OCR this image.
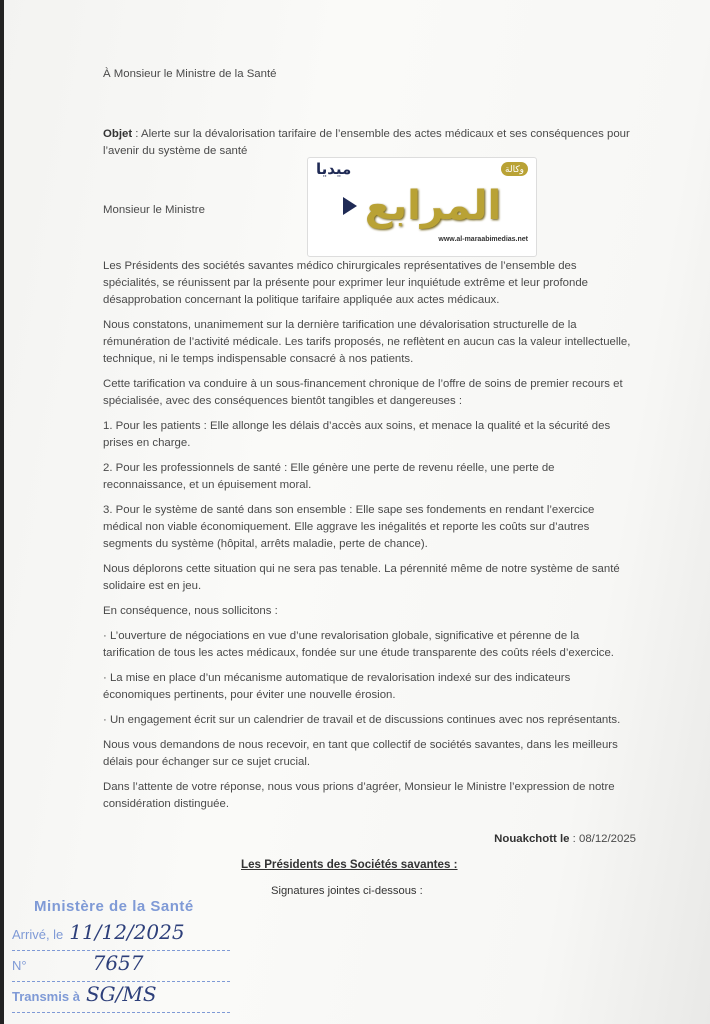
À Monsieur le Ministre de la Santé
Objet : Alerte sur la dévalorisation tarifaire de l’ensemble des actes médicaux et ses conséquences pour l’avenir du système de santé
Monsieur le Ministre
ميديا	وكالة
المرابع
www.al-maraabimedias.net

Les Présidents des sociétés savantes médico chirurgicales représentatives de l’ensemble des spécialités, se réunissent par la présente pour exprimer leur inquiétude extrême et leur profonde désapprobation concernant la politique tarifaire appliquée aux actes médicaux.

Nous constatons, unanimement sur la dernière tarification une dévalorisation structurelle de la rémunération de l’activité médicale. Les tarifs proposés, ne reflètent en aucun cas la valeur intellectuelle, technique, ni le temps indispensable consacré à nos patients.

Cette tarification va conduire à un sous-financement chronique de l’offre de soins de premier recours et spécialisée, avec des conséquences bientôt tangibles et dangereuses :

1. Pour les patients : Elle allonge les délais d’accès aux soins, et menace la qualité et la sécurité des prises en charge.

2. Pour les professionnels de santé : Elle génère une perte de revenu réelle, une perte de reconnaissance, et un épuisement moral.

3. Pour le système de santé dans son ensemble : Elle sape ses fondements en rendant l’exercice médical non viable économiquement. Elle aggrave les inégalités et reporte les coûts sur d’autres segments du système (hôpital, arrêts maladie, perte de chance).

Nous déplorons cette situation qui ne sera pas tenable. La pérennité même de notre système de santé solidaire est en jeu.

En conséquence, nous sollicitons :

· L’ouverture de négociations en vue d’une revalorisation globale, significative et pérenne de la tarification de tous les actes médicaux, fondée sur une étude transparente des coûts réels d’exercice.

· La mise en place d’un mécanisme automatique de revalorisation indexé sur des indicateurs économiques pertinents, pour éviter une nouvelle érosion.

· Un engagement écrit sur un calendrier de travail et de discussions continues avec nos représentants.

Nous vous demandons de nous recevoir, en tant que collectif de sociétés savantes, dans les meilleurs délais pour échanger sur ce sujet crucial.

Dans l’attente de votre réponse, nous vous prions d’agréer, Monsieur le Ministre l’expression de notre considération distinguée.

Nouakchott le : 08/12/2025

Les Présidents des Sociétés savantes :

Signatures jointes ci-dessous :

Ministère de la Santé
Arrivé, le 11/12/2025
N°	7657
Transmis à SG/MS
